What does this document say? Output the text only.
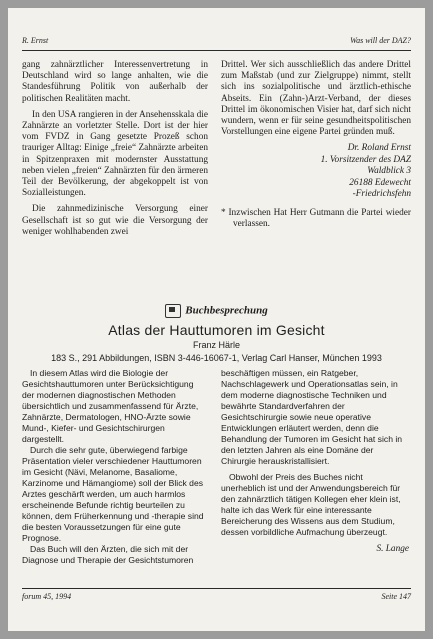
R. Ernst	Was will der DAZ?

gang zahnärztlicher Interessenvertretung in Deutschland wird so lange anhalten, wie die Standesführung Politik von außerhalb der politischen Realitäten macht.

In den USA rangieren in der Ansehensskala die Zahnärzte an vorletzter Stelle. Dort ist der hier vom FVDZ in Gang gesetzte Prozeß schon trauriger Alltag: Einige „freie“ Zahnärzte arbeiten in Spitzenpraxen mit modernster Ausstattung neben vielen „freien“ Zahnärzten für den ärmeren Teil der Bevölkerung, der abgekoppelt ist von Sozialleistungen.

Die zahnmedizinische Versorgung einer Gesellschaft ist so gut wie die Versorgung der weniger wohlhabenden zwei

Drittel. Wer sich ausschließlich das andere Drittel zum Maßstab (und zur Zielgruppe) nimmt, stellt sich ins sozialpolitische und ärztlich-ethische Abseits. Ein (Zahn-)Arzt-Verband, der dieses Drittel im ökonomischen Visier hat, darf sich nicht wundern, wenn er für seine gesundheitspolitischen Vorstellungen eine eigene Partei gründen muß.

Dr. Roland Ernst
1. Vorsitzender des DAZ
Waldblick 3
26188 Edewecht
-Friedrichsfehn
* Inzwischen Hat Herr Gutmann die Partei wieder verlassen.
Buchbesprechung
Atlas der Hauttumoren im Gesicht
Franz Härle
183 S., 291 Abbildungen, ISBN 3-446-16067-1, Verlag Carl Hanser, München 1993

In diesem Atlas wird die Biologie der Gesichtshauttumoren unter Berücksichtigung der modernen diagnostischen Methoden übersichtlich und zusammenfassend für Ärzte, Zahnärzte, Dermatologen, HNO-Ärzte sowie Mund-, Kiefer- und Gesichtschirurgen dargestellt.

Durch die sehr gute, überwiegend farbige Präsentation vieler verschiedener Hauttumoren im Gesicht (Nävi, Melanome, Basaliome, Karzinome und Hämangiome) soll der Blick des Arztes geschärft werden, um auch harmlos erscheinende Befunde richtig beurteilen zu können, dem Früherkennung und -therapie sind die besten Voraussetzungen für eine gute Prognose.

Das Buch will den Ärzten, die sich mit der Diagnose und Therapie der Gesichtstumoren

beschäftigen müssen, ein Ratgeber, Nachschlagewerk und Operationsatlas sein, in dem moderne diagnostische Techniken und bewährte Standardverfahren der Gesichtschirurgie sowie neue operative Entwicklungen erläutert werden, denn die Behandlung der Tumoren im Gesicht hat sich in den letzten Jahren als eine Domäne der Chirurgie herauskristallisiert.

Obwohl der Preis des Buches nicht unerheblich ist und der Anwendungsbereich für den zahnärztlich tätigen Kollegen eher klein ist, halte ich das Werk für eine interessante Bereicherung des Wissens aus dem Studium, dessen vorbildliche Aufmachung überzeugt.

S. Lange
forum 45, 1994	Seite 147
